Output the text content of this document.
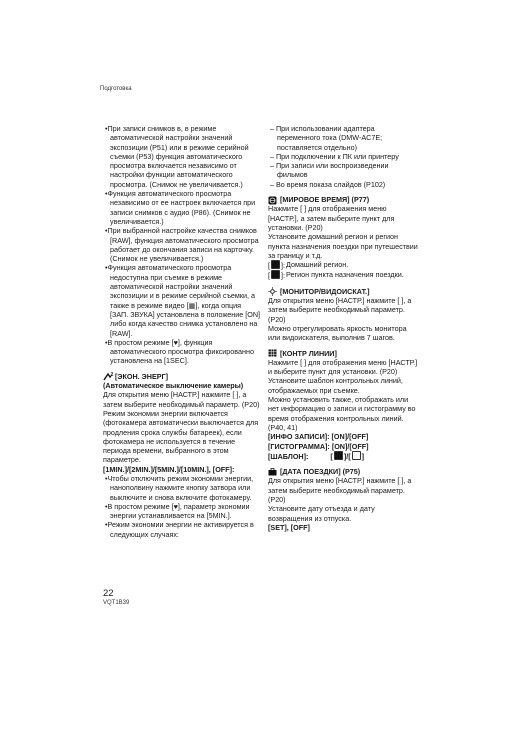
Подготовка

•При записи снимков в, в режиме автоматической настройки значений экспозиции (P51) или в режиме серийной съемки (P53) функция автоматического просмотра включается независимо от настройки функции автоматического просмотра. (Снимок не увеличивается.)

•Функция автоматического просмотра независимо от ее настроек включается при записи снимков с аудио (P86). (Снимок не увеличивается.)

•При выбранной настройке качества снимков [RAW], функция автоматического просмотра работает до окончания записи на карточку. (Снимок не увеличивается.)

•Функция автоматического просмотра недоступна при съемке в режиме автоматической настройки значений экспозиции и в режиме серийной съемки, а также в режиме видео [▦], когда опция [ЗАП. ЗВУКА] установлена в положение [ON] либо когда качество снимка установлено на [RAW].

•В простом режиме [♥], функция автоматического просмотра фиксированно установлена на [1SEC].

Z [ЭКОН. ЭНЕРГ]

(Автоматическое выключение камеры)

Для открытия меню [НАСТР.] нажмите [ ], а затем выберите необходимый параметр. (P20)

Режим экономии энергии включается (фотокамера автоматически выключается для продления срока службы батареек), если фотокамера не используется в течение периода времени, выбранного в этом параметре.

[1MIN.]/[2MIN.]/[5MIN.]/[10MIN.], [OFF]:

•Чтобы отключить режим экономии энергии, нанополвину нажмите кнопку затвора или выключите и снова включите фотокамеру.

•В простом режиме [♥], параметр экономии энергии устанавливается на [5MIN.].

•Режим экономии энергии не активируется в следующих случаях:

– При использовании адаптера переменного тока (DMW-AC7E; поставляется отдельно)

– При подключении к ПК или принтеру

– При записи или воспроизведении фильмов

– Во время показа слайдов (P102)

[МИРОВОЕ ВРЕМЯ] (P77)

Нажмите [ ] для отображения меню [НАСТР.], а затем выберите пункт для установки. (P20)

Установите домашний регион и регион пункта назначения поездки при путешествии за границу и т.д.

[ ]: Домашний регион.
[ ]: Регион пункта назначения поездки.

[МОНИТОР/ВИДОИСКАТ.]

Для открытия меню [НАСТР.] нажмите [ ], а затем выберите необходимый параметр. (P20)

Можно отрегулировать яркость монитора или видоискателя, выполнив 7 шагов.

[КОНТР ЛИНИИ]

Нажмите [ ] для отображения меню [НАСТР.] и выберите пункт для установки. (P20)

Установите шаблон контрольных линий, отображаемых при съемке.

Можно установить также, отображать или нет информацию о записи и гистограмму во время отображения контрольных линий. (P40, 41)

[ИНФО ЗАПИСИ]: [ON]/[OFF]

[ГИСТОГРАММА]: [ON]/[OFF]

[ШАБЛОН]:	[ ]/[ ]

[ДАТА ПОЕЗДКИ] (P75)

Для открытия меню [НАСТР.] нажмите [ ], а затем выберите необходимый параметр. (P20)

Установите дату отъезда и дату возвращения из отпуска.

[SET], [OFF]

22
VQT1B39
